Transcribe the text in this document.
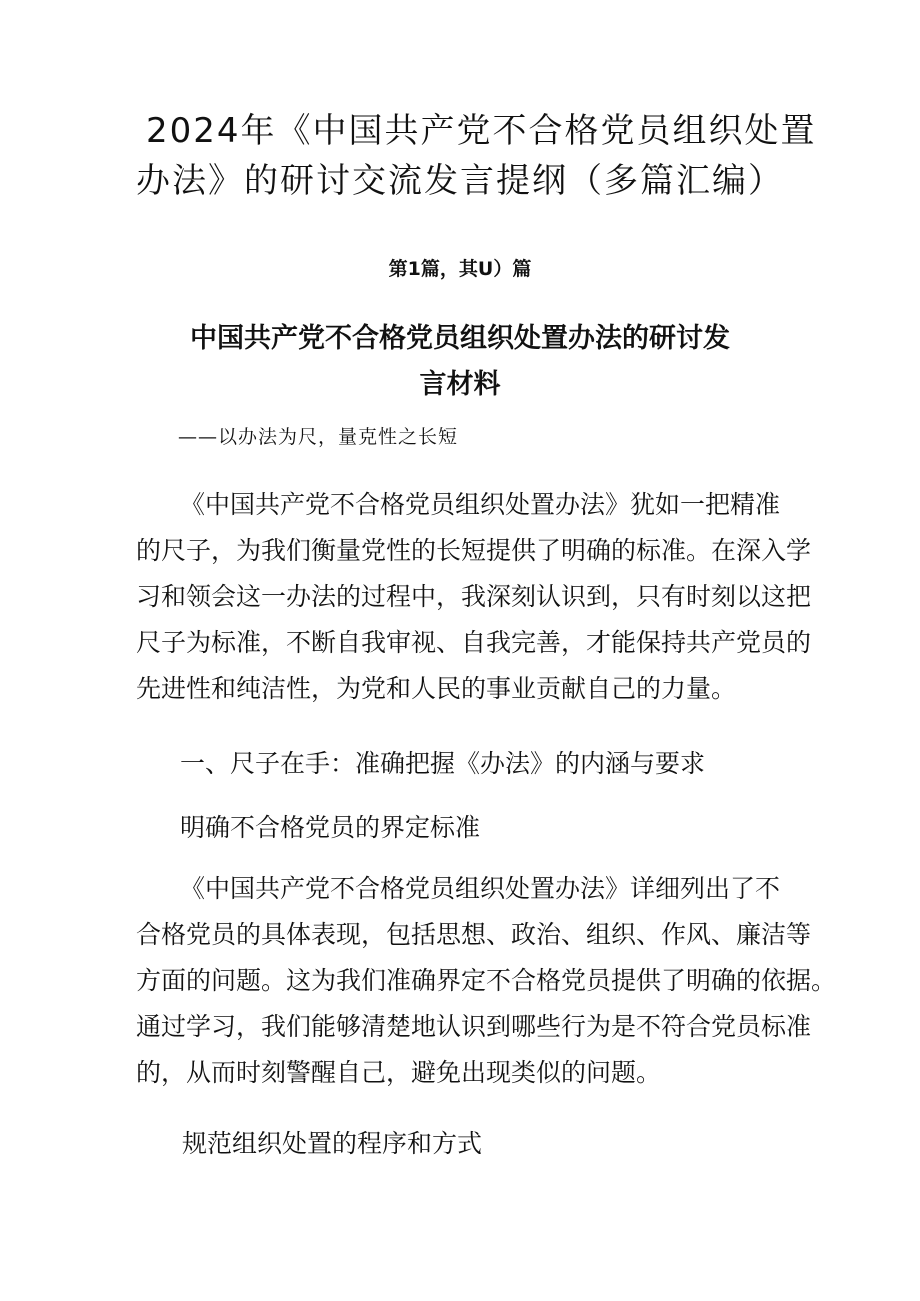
2024年《中国共产党不合格党员组织处置
办法》的研讨交流发言提纲（多篇汇编）
第1篇，其U）篇
中国共产党不合格党员组织处置办法的研讨发
言材料
——以办法为尺，量克性之长短

《中国共产党不合格党员组织处置办法》犹如一把精准
的尺子，为我们衡量党性的长短提供了明确的标准。在深入学
习和领会这一办法的过程中，我深刻认识到，只有时刻以这把
尺子为标准，不断自我审视、自我完善，才能保持共产党员的
先进性和纯洁性，为党和人民的事业贡献自己的力量。

一、尺子在手：准确把握《办法》的内涵与要求
明确不合格党员的界定标准

《中国共产党不合格党员组织处置办法》详细列出了不
合格党员的具体表现，包括思想、政治、组织、作风、廉洁等
方面的问题。这为我们准确界定不合格党员提供了明确的依据。
通过学习，我们能够清楚地认识到哪些行为是不符合党员标准
的，从而时刻警醒自己，避免出现类似的问题。

规范组织处置的程序和方式
